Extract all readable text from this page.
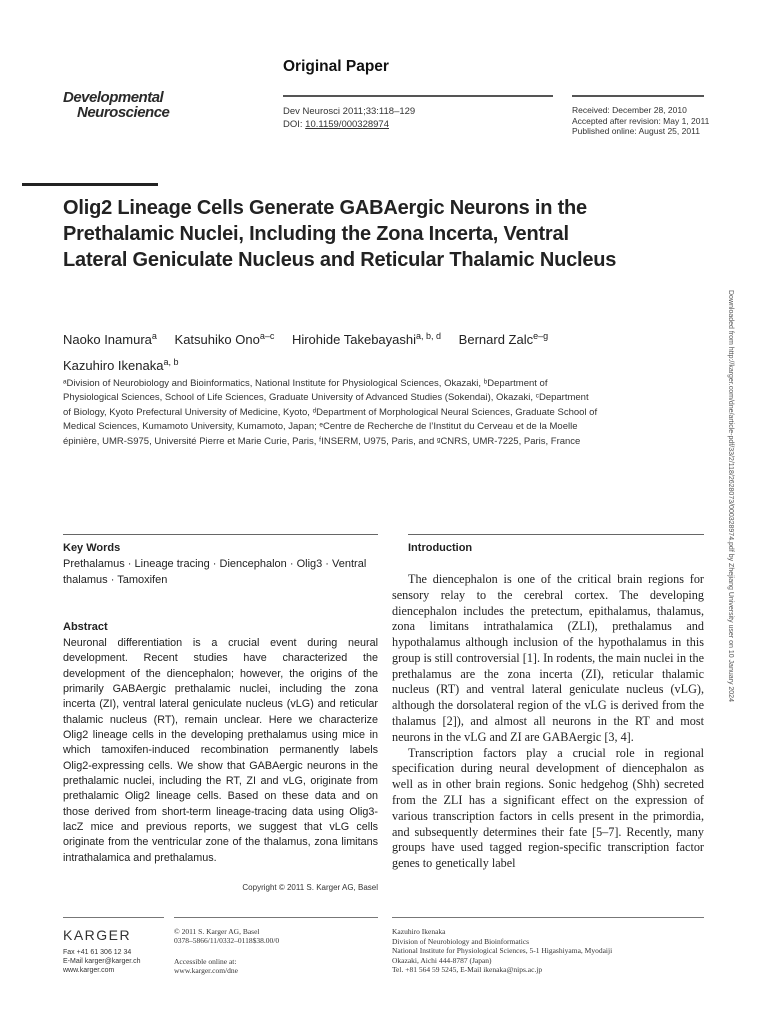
Original Paper
Developmental
Neuroscience	Dev Neurosci 2011;33:118–129
DOI: 10.1159/000328974
Received: December 28, 2010
Accepted after revision: May 1, 2011
Published online: August 25, 2011
Olig2 Lineage Cells Generate GABAergic Neurons in the Prethalamic Nuclei, Including the Zona Incerta, Ventral Lateral Geniculate Nucleus and Reticular Thalamic Nucleus
Downloaded from http://karger.com/dne/article-pdf/33/2/118/2628073/000328974.pdf by Zhejiang University user on 10 January 2024
Naoko Inamura$^a$ Katsuhiko Ono$^{a-c}$ Hirohide Takebayashi$^{a, b, d}$ Bernard Zalc$^{e-g}$
Kazuhiro Ikenaka$^{a, b}$
ᵃDivision of Neurobiology and Bioinformatics, National Institute for Physiological Sciences, Okazaki, ᵇDepartment of Physiological Sciences, School of Life Sciences, Graduate University of Advanced Studies (Sokendai), Okazaki, ᶜDepartment of Biology, Kyoto Prefectural University of Medicine, Kyoto, ᵈDepartment of Morphological Neural Sciences, Graduate School of Medical Sciences, Kumamoto University, Kumamoto, Japan; ᵉCentre de Recherche de l’Institut du Cerveau et de la Moelle épinière, UMR-S975, Université Pierre et Marie Curie, Paris, ᶠINSERM, U975, Paris, and ᵍCNRS, UMR-7225, Paris, France
Key Words
Prethalamus · Lineage tracing · Diencephalon · Olig3 · Ventral thalamus · Tamoxifen
Abstract
Neuronal differentiation is a crucial event during neural development. Recent studies have characterized the development of the diencephalon; however, the origins of the primarily GABAergic prethalamic nuclei, including the zona incerta (ZI), ventral lateral geniculate nucleus (vLG) and reticular thalamic nucleus (RT), remain unclear. Here we characterize Olig2 lineage cells in the developing prethalamus using mice in which tamoxifen-induced recombination permanently labels Olig2-expressing cells. We show that GABAergic neurons in the prethalamic nuclei, including the RT, ZI and vLG, originate from prethalamic Olig2 lineage cells. Based on these data and on those derived from short-term lineage-tracing data using Olig3-lacZ mice and previous reports, we suggest that vLG cells originate from the ventricular zone of the thalamus, zona limitans intrathalamica and prethalamus.
Copyright © 2011 S. Karger AG, Basel
Introduction

The diencephalon is one of the critical brain regions for sensory relay to the cerebral cortex. The developing diencephalon includes the pretectum, epithalamus, thalamus, zona limitans intrathalamica (ZLI), prethalamus and hypothalamus although inclusion of the hypothalamus in this group is still controversial [1]. In rodents, the main nuclei in the prethalamus are the zona incerta (ZI), reticular thalamic nucleus (RT) and ventral lateral geniculate nucleus (vLG), although the dorsolateral region of the vLG is derived from the thalamus [2]), and almost all neurons in the RT and most neurons in the vLG and ZI are GABAergic [3, 4].

Transcription factors play a crucial role in regional specification during neural development of diencephalon as well as in other brain regions. Sonic hedgehog (Shh) secreted from the ZLI has a significant effect on the expression of various transcription factors in cells present in the primordia, and subsequently determines their fate [5–7]. Recently, many groups have used tagged region-specific transcription factor genes to genetically label

KARGER
Fax +41 61 306 12 34
E-Mail karger@karger.ch
www.karger.com
© 2011 S. Karger AG, Basel
0378–5866/11/0332–0118$38.00/0
Accessible online at:
www.karger.com/dne
Kazuhiro Ikenaka
Division of Neurobiology and Bioinformatics
National Institute for Physiological Sciences, 5-1 Higashiyama, Myodaiji
Okazaki, Aichi 444-8787 (Japan)
Tel. +81 564 59 5245, E-Mail ikenaka@nips.ac.jp
